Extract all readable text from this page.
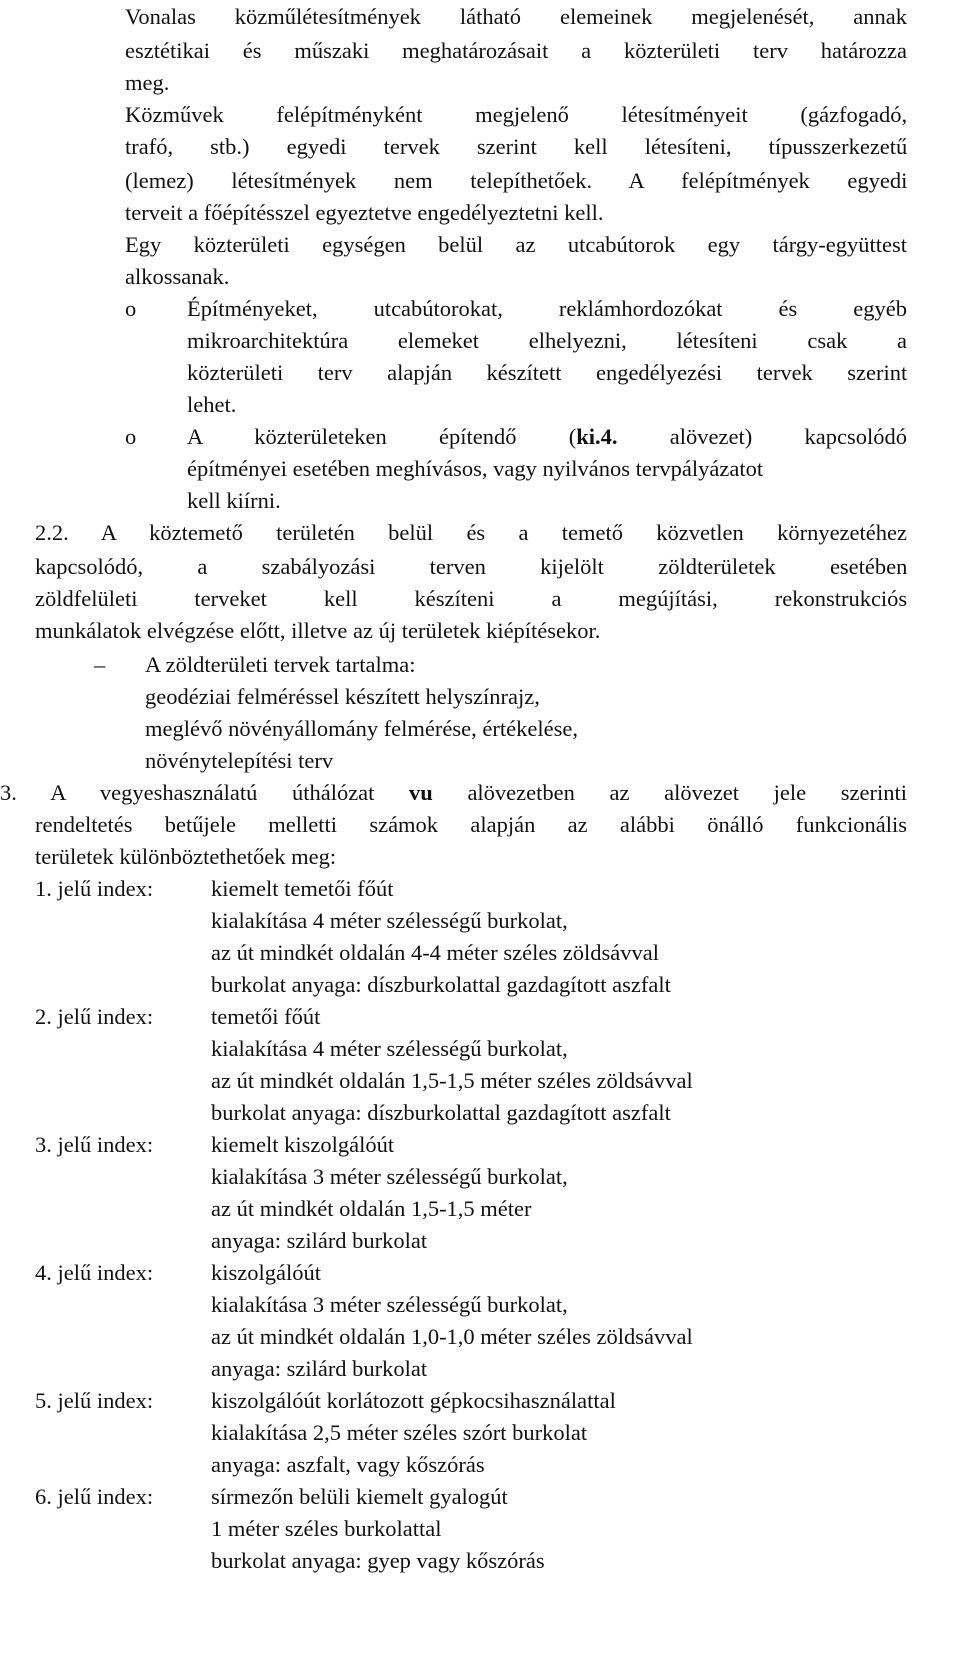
Vonalas közműlétesítmények látható elemeinek megjelenését, annak
esztétikai és műszaki meghatározásait a közterületi terv határozza
meg.
Közművek felépítményként megjelenő létesítményeit (gázfogadó,
trafó, stb.) egyedi tervek szerint kell létesíteni, típusszerkezetű
(lemez) létesítmények nem telepíthetőek. A felépítmények egyedi
terveit a főépítésszel egyeztetve engedélyeztetni kell.
Egy közterületi egységen belül az utcabútorok egy tárgy-együttest
alkossanak.
o Építményeket, utcabútorokat, reklámhordozókat és egyéb
mikroarchitektúra elemeket elhelyezni, létesíteni csak a
közterületi terv alapján készített engedélyezési tervek szerint
lehet.
o A közterületeken építendő (ki.4. alövezet) kapcsolódó
építményei esetében meghívásos, vagy nyilvános tervpályázatot
kell kiírni.
2.2. A köztemető területén belül és a temető közvetlen környezetéhez
kapcsolódó, a szabályozási terven kijelölt zöldterületek esetében
zöldfelületi terveket kell készíteni a megújítási, rekonstrukciós
munkálatok elvégzése előtt, illetve az új területek kiépítésekor.
– A zöldterületi tervek tartalma:
geodéziai felméréssel készített helyszínrajz,
meglévő növényállomány felmérése, értékelése,
növénytelepítési terv
3. A vegyeshasználatú úthálózat vu alövezetben az alövezet jele szerinti
rendeltetés betűjele melletti számok alapján az alábbi önálló funkcionális
területek különböztethetőek meg:
1. jelű index:	kiemelt temetői főút
kialakítása 4 méter szélességű burkolat,
az út mindkét oldalán 4-4 méter széles zöldsávval
burkolat anyaga: díszburkolattal gazdagított aszfalt
2. jelű index:	temetői főút
kialakítása 4 méter szélességű burkolat,
az út mindkét oldalán 1,5-1,5 méter széles zöldsávval
burkolat anyaga: díszburkolattal gazdagított aszfalt
3. jelű index:	kiemelt kiszolgálóút
kialakítása 3 méter szélességű burkolat,
az út mindkét oldalán 1,5-1,5 méter
anyaga: szilárd burkolat
4. jelű index:	kiszolgálóút
kialakítása 3 méter szélességű burkolat,
az út mindkét oldalán 1,0-1,0 méter széles zöldsávval
anyaga: szilárd burkolat
5. jelű index:	kiszolgálóút korlátozott gépkocsihasználattal
kialakítása 2,5 méter széles szórt burkolat
anyaga: aszfalt, vagy kőszórás
6. jelű index:	sírmezőn belüli kiemelt gyalogút
1 méter széles burkolattal
burkolat anyaga: gyep vagy kőszórás
